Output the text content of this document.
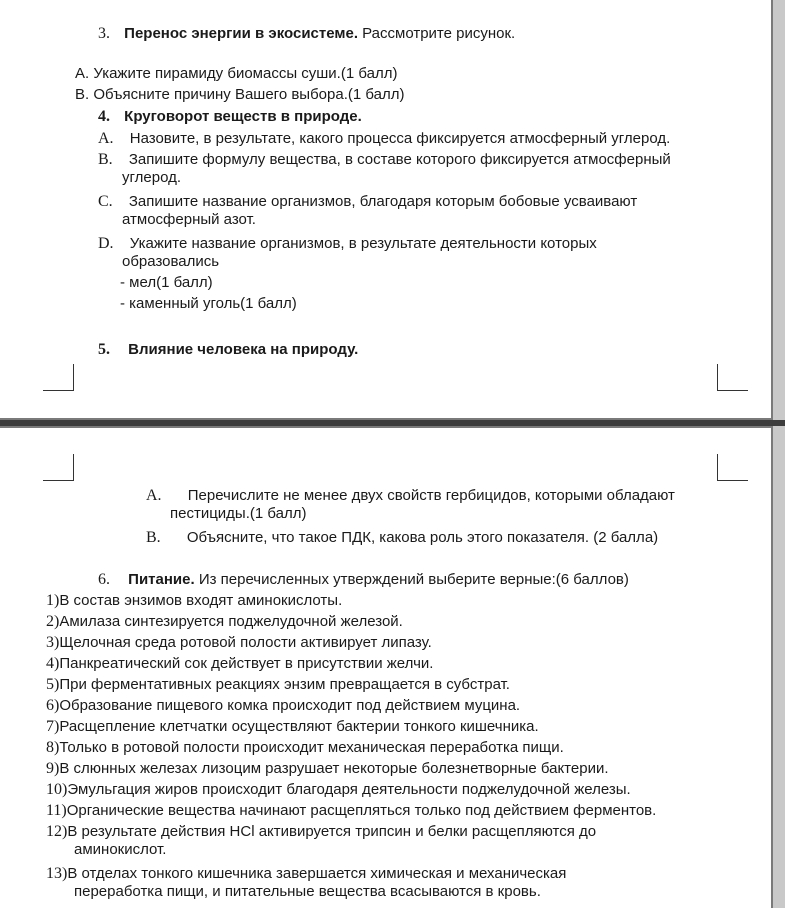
3. Перенос энергии в экосистеме. Рассмотрите рисунок.
А. Укажите пирамиду биомассы суши.(1 балл)
В. Объясните причину Вашего выбора.(1 балл)
4. Круговорот веществ в природе.
A. Назовите, в результате, какого процесса фиксируется атмосферный углерод.
B. Запишите формулу вещества, в составе которого фиксируется атмосферный
углерод.
C. Запишите название организмов, благодаря которым бобовые усваивают
атмосферный азот.
D. Укажите название организмов, в результате деятельности которых
образовались
- мел(1 балл)
- каменный уголь(1 балл)
5. Влияние человека на природу.
A. Перечислите не менее двух свойств гербицидов, которыми обладают
пестициды.(1 балл)
B. Объясните, что такое ПДК, какова роль этого показателя. (2 балла)
6. Питание. Из перечисленных утверждений выберите верные:(6 баллов)
1)В состав энзимов входят аминокислоты.
2)Амилаза синтезируется поджелудочной железой.
3)Щелочная среда ротовой полости активирует липазу.
4)Панкреатический сок действует в присутствии желчи.
5)При ферментативных реакциях энзим превращается в субстрат.
6)Образование пищевого комка происходит под действием муцина.
7)Расщепление клетчатки осуществляют бактерии тонкого кишечника.
8)Только в ротовой полости происходит механическая переработка пищи.
9)В слюнных железах лизоцим разрушает некоторые болезнетворные бактерии.
10)Эмульгация жиров происходит благодаря деятельности поджелудочной железы.
11)Органические вещества начинают расщепляться только под действием ферментов.
12)В результате действия HCl активируется трипсин и белки расщепляются до
аминокислот.
13)В отделах тонкого кишечника завершается химическая и механическая
переработка пищи, и питательные вещества всасываются в кровь.
